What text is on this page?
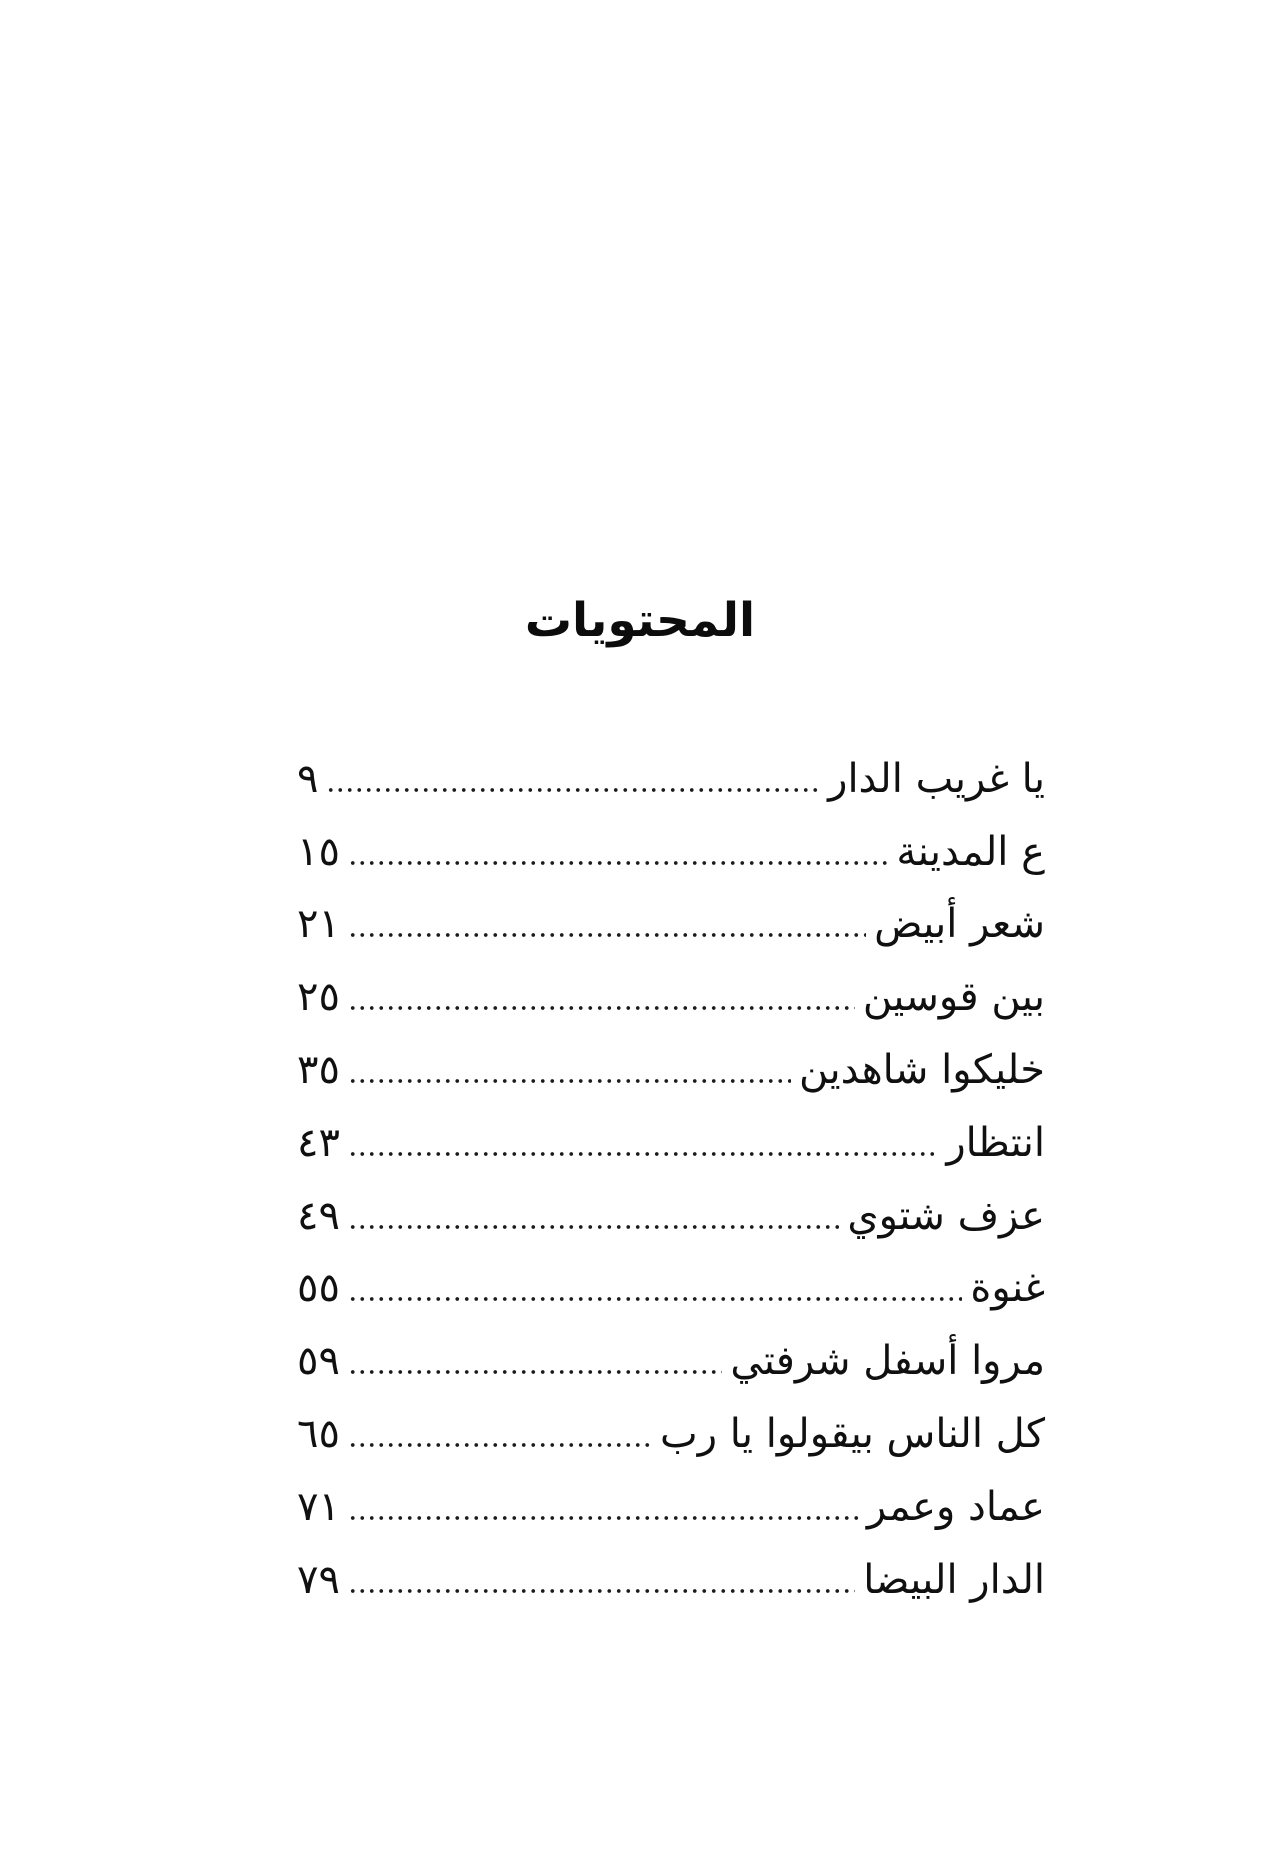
المحتويات
يا غريب الدار
٩
ع المدينة
١٥
شعر أبيض
٢١
بين قوسين
٢٥
خليكوا شاهدين
٣٥
انتظار
٤٣
عزف شتوي
٤٩
غنوة
٥٥
مروا أسفل شرفتي
٥٩
كل الناس بيقولوا يا رب
٦٥
عماد وعمر
٧١
الدار البيضا
٧٩
